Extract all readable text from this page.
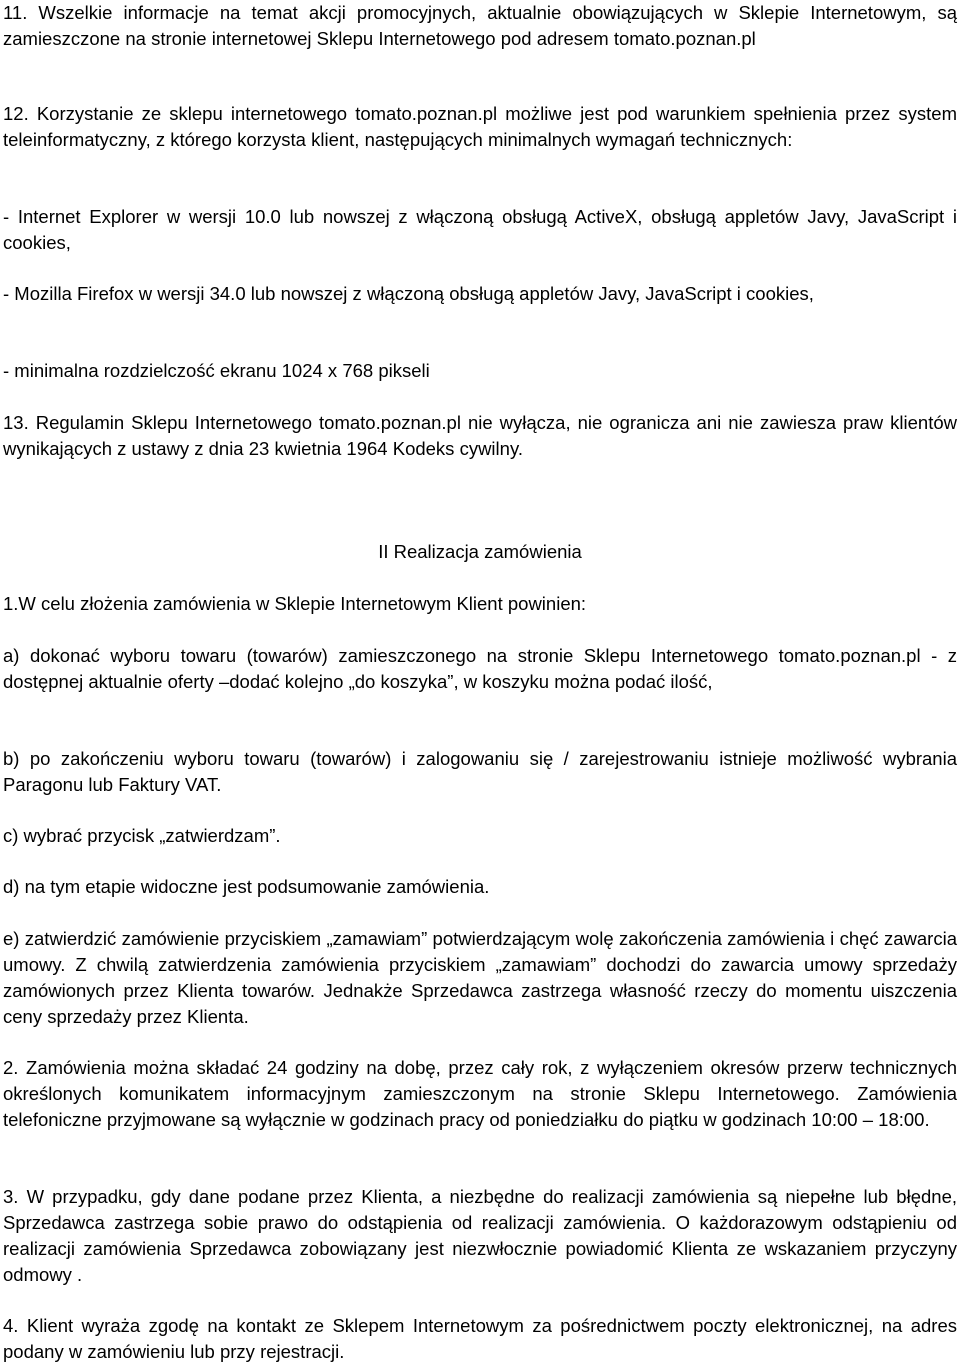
11. Wszelkie informacje na temat akcji promocyjnych, aktualnie obowiązujących w Sklepie Internetowym, są zamieszczone na stronie internetowej Sklepu Internetowego pod adresem tomato.poznan.pl

12. Korzystanie ze sklepu internetowego tomato.poznan.pl możliwe jest pod warunkiem spełnienia przez system teleinformatyczny, z którego korzysta klient, następujących minimalnych wymagań technicznych:

- Internet Explorer w wersji 10.0 lub nowszej z włączoną obsługą ActiveX, obsługą appletów Javy, JavaScript i cookies,

- Mozilla Firefox w wersji 34.0 lub nowszej z włączoną obsługą appletów Javy, JavaScript i cookies,

- minimalna rozdzielczość ekranu 1024 x 768 pikseli

13. Regulamin Sklepu Internetowego tomato.poznan.pl nie wyłącza, nie ogranicza ani nie zawiesza praw klientów wynikających z ustawy z dnia 23 kwietnia 1964 Kodeks cywilny.

II Realizacja zamówienia

1.W celu złożenia zamówienia w Sklepie Internetowym Klient powinien:

a) dokonać wyboru towaru (towarów) zamieszczonego na stronie Sklepu Internetowego tomato.poznan.pl - z dostępnej aktualnie oferty –dodać kolejno „do koszyka”, w koszyku można podać ilość,

b) po zakończeniu wyboru towaru (towarów) i zalogowaniu się / zarejestrowaniu istnieje możliwość wybrania Paragonu lub Faktury VAT.

c) wybrać przycisk „zatwierdzam”.

d) na tym etapie widoczne jest podsumowanie zamówienia.

e) zatwierdzić zamówienie przyciskiem „zamawiam” potwierdzającym wolę zakończenia zamówienia i chęć zawarcia umowy. Z chwilą zatwierdzenia zamówienia przyciskiem „zamawiam” dochodzi do zawarcia umowy sprzedaży zamówionych przez Klienta towarów. Jednakże Sprzedawca zastrzega własność rzeczy do momentu uiszczenia ceny sprzedaży przez Klienta.

2. Zamówienia można składać 24 godziny na dobę, przez cały rok, z wyłączeniem okresów przerw technicznych określonych komunikatem informacyjnym zamieszczonym na stronie Sklepu Internetowego. Zamówienia telefoniczne przyjmowane są wyłącznie w godzinach pracy od poniedziałku do piątku w godzinach 10:00 – 18:00.

3. W przypadku, gdy dane podane przez Klienta, a niezbędne do realizacji zamówienia są niepełne lub błędne, Sprzedawca zastrzega sobie prawo do odstąpienia od realizacji zamówienia. O każdorazowym odstąpieniu od realizacji zamówienia Sprzedawca zobowiązany jest niezwłocznie powiadomić Klienta ze wskazaniem przyczyny odmowy .

4. Klient wyraża zgodę na kontakt ze Sklepem Internetowym za pośrednictwem poczty elektronicznej, na adres podany w zamówieniu lub przy rejestracji.
